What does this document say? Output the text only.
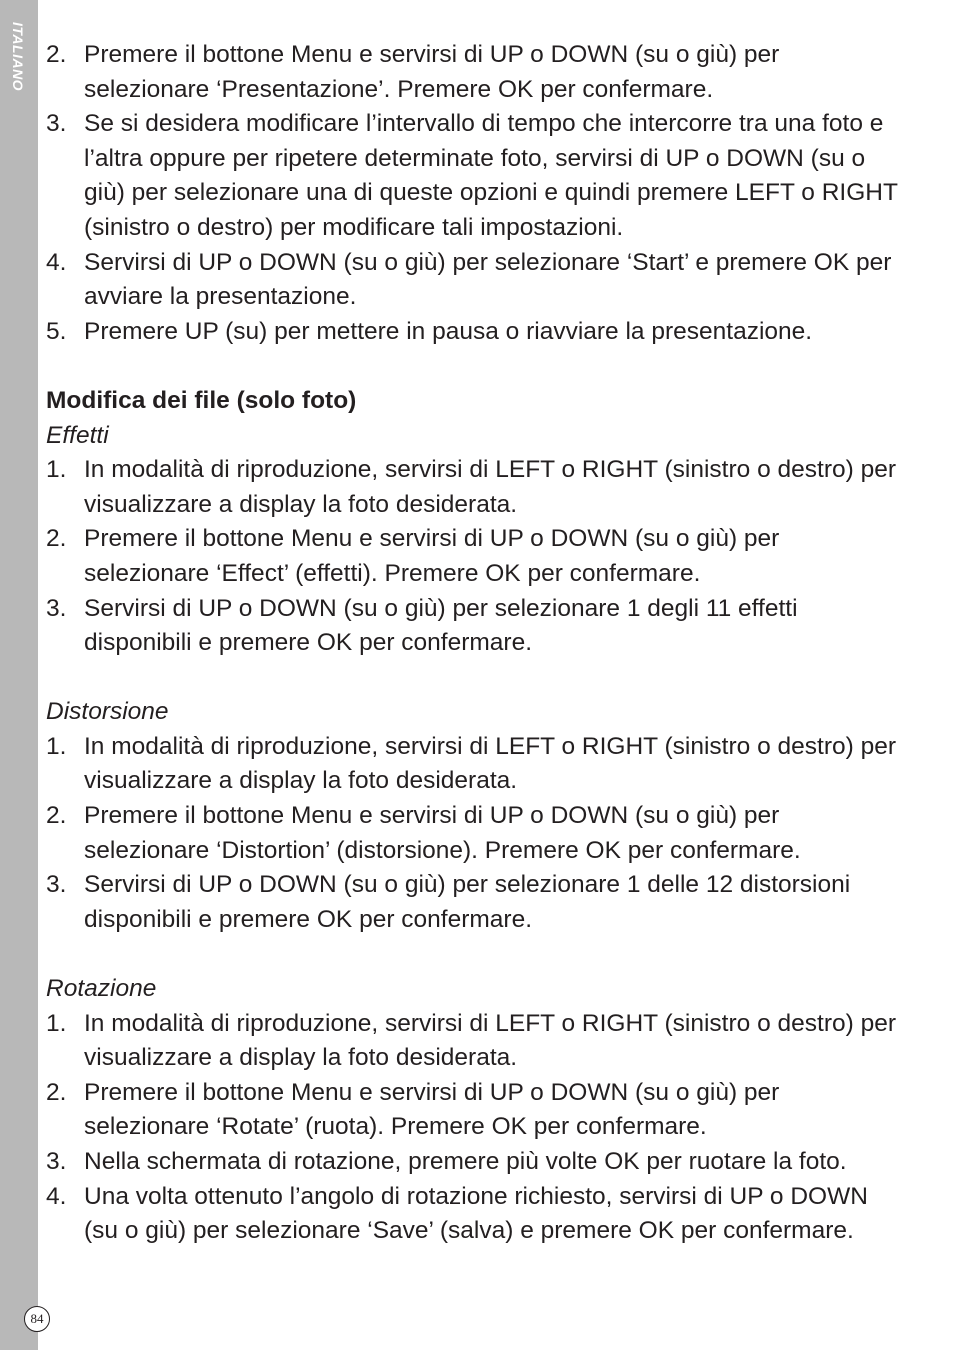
ITALIANO
84
2. Premere il bottone Menu e servirsi di UP o DOWN (su o giù) per selezionare ‘Presentazione’. Premere OK per confermare.
3. Se si desidera modificare l’intervallo di tempo che intercorre tra una foto e l’altra oppure per ripetere determinate foto, servirsi di UP o DOWN (su o giù) per selezionare una di queste opzioni e quindi premere LEFT o RIGHT (sinistro o destro) per modificare tali impostazioni.
4. Servirsi di UP o DOWN (su o giù) per selezionare ‘Start’ e premere OK per avviare la presentazione.
5. Premere UP (su) per mettere in pausa o riavviare la presentazione.
Modifica dei file (solo foto)
Effetti
1. In modalità di riproduzione, servirsi di LEFT o RIGHT (sinistro o destro) per visualizzare a display la foto desiderata.
2. Premere il bottone Menu e servirsi di UP o DOWN (su o giù) per selezionare ‘Effect’ (effetti). Premere OK per confermare.
3. Servirsi di UP o DOWN (su o giù) per selezionare 1 degli 11 effetti disponibili e premere OK per confermare.
Distorsione
1. In modalità di riproduzione, servirsi di LEFT o RIGHT (sinistro o destro) per visualizzare a display la foto desiderata.
2. Premere il bottone Menu e servirsi di UP o DOWN (su o giù) per selezionare ‘Distortion’ (distorsione). Premere OK per confermare.
3. Servirsi di UP o DOWN (su o giù) per selezionare 1 delle 12 distorsioni disponibili e premere OK per confermare.
Rotazione
1. In modalità di riproduzione, servirsi di LEFT o RIGHT (sinistro o destro) per visualizzare a display la foto desiderata.
2. Premere il bottone Menu e servirsi di UP o DOWN (su o giù) per selezionare ‘Rotate’ (ruota). Premere OK per confermare.
3. Nella schermata di rotazione, premere più volte OK per ruotare la foto.
4. Una volta ottenuto l’angolo di rotazione richiesto, servirsi di UP o DOWN (su o giù) per selezionare ‘Save’ (salva) e premere OK per confermare.
